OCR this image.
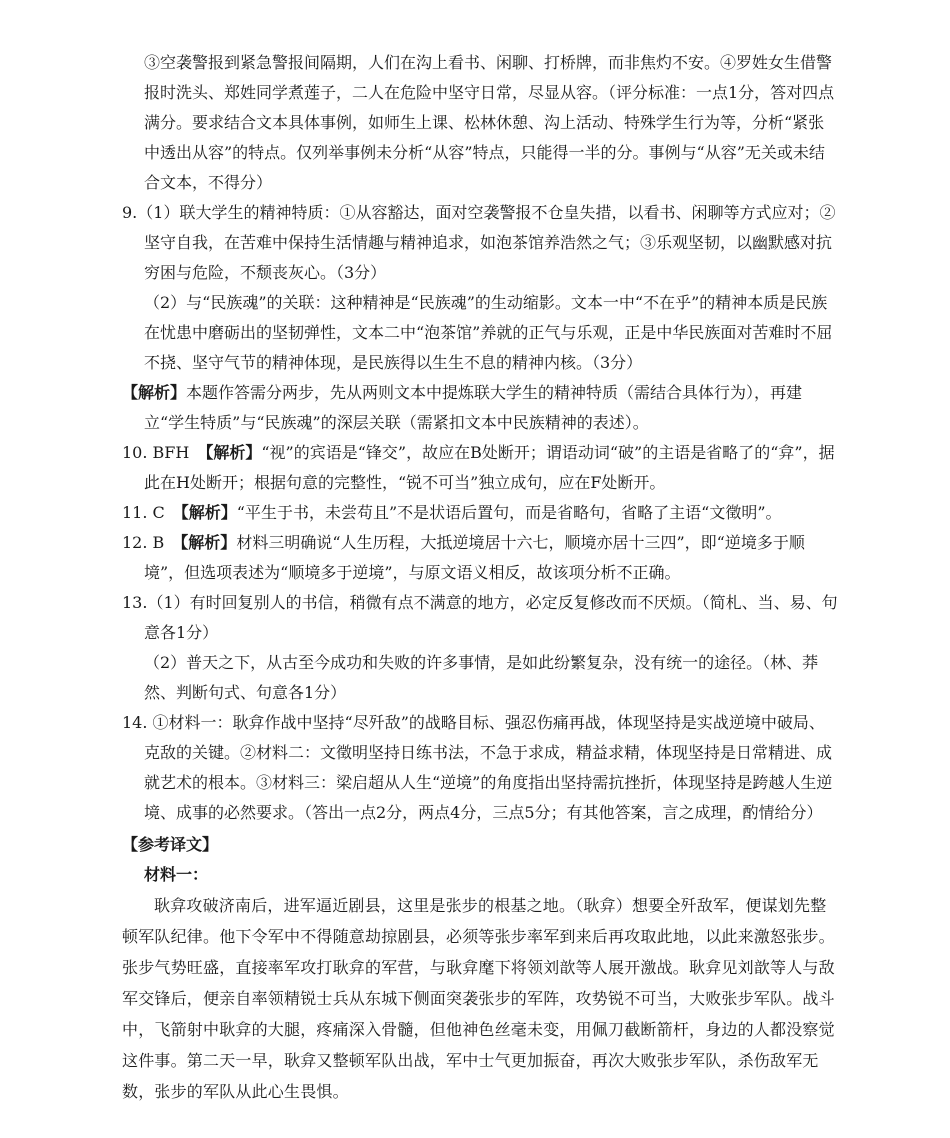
③空袭警报到紧急警报间隔期，人们在沟上看书、闲聊、打桥牌，而非焦灼不安。④罗姓女生借警报时洗头、郑姓同学煮莲子，二人在危险中坚守日常，尽显从容。（评分标准：一点1分，答对四点满分。要求结合文本具体事例，如师生上课、松林休憩、沟上活动、特殊学生行为等，分析“紧张中透出从容”的特点。仅列举事例未分析“从容”特点，只能得一半的分。事例与“从容”无关或未结合文本，不得分）

9.（1）联大学生的精神特质：①从容豁达，面对空袭警报不仓皇失措，以看书、闲聊等方式应对；②坚守自我，在苦难中保持生活情趣与精神追求，如泡茶馆养浩然之气；③乐观坚韧，以幽默感对抗穷困与危险，不颓丧灰心。（3分）

（2）与“民族魂”的关联：这种精神是“民族魂”的生动缩影。文本一中“不在乎”的精神本质是民族在忧患中磨砺出的坚韧弹性，文本二中“泡茶馆”养就的正气与乐观，正是中华民族面对苦难时不屈不挠、坚守气节的精神体现，是民族得以生生不息的精神内核。（3分）

【解析】本题作答需分两步，先从两则文本中提炼联大学生的精神特质（需结合具体行为），再建立“学生特质”与“民族魂”的深层关联（需紧扣文本中民族精神的表述）。

10. BFH　【解析】“视”的宾语是“锋交”，故应在B处断开；谓语动词“破”的主语是省略了的“弇”，据此在H处断开；根据句意的完整性，“锐不可当”独立成句，应在F处断开。

11. C　【解析】“平生于书，未尝苟且”不是状语后置句，而是省略句，省略了主语“文徵明”。

12. B　【解析】材料三明确说“人生历程，大抵逆境居十六七，顺境亦居十三四”，即“逆境多于顺境”，但选项表述为“顺境多于逆境”，与原文语义相反，故该项分析不正确。

13.（1）有时回复别人的书信，稍微有点不满意的地方，必定反复修改而不厌烦。（简札、当、易、句意各1分）

（2）普天之下，从古至今成功和失败的许多事情，是如此纷繁复杂，没有统一的途径。（林、莽然、判断句式、句意各1分）

14. ①材料一：耿弇作战中坚持“尽歼敌”的战略目标、强忍伤痛再战，体现坚持是实战逆境中破局、克敌的关键。②材料二：文徵明坚持日练书法，不急于求成，精益求精，体现坚持是日常精进、成就艺术的根本。③材料三：梁启超从人生“逆境”的角度指出坚持需抗挫折，体现坚持是跨越人生逆境、成事的必然要求。（答出一点2分，两点4分，三点5分；有其他答案，言之成理，酌情给分）

【参考译文】

材料一：

耿弇攻破济南后，进军逼近剧县，这里是张步的根基之地。（耿弇）想要全歼敌军，便谋划先整顿军队纪律。他下令军中不得随意劫掠剧县，必须等张步率军到来后再攻取此地，以此来激怒张步。张步气势旺盛，直接率军攻打耿弇的军营，与耿弇麾下将领刘歆等人展开激战。耿弇见刘歆等人与敌军交锋后，便亲自率领精锐士兵从东城下侧面突袭张步的军阵，攻势锐不可当，大败张步军队。战斗中，飞箭射中耿弇的大腿，疼痛深入骨髓，但他神色丝毫未变，用佩刀截断箭杆，身边的人都没察觉这件事。第二天一早，耿弇又整顿军队出战，军中士气更加振奋，再次大败张步军队，杀伤敌军无数，张步的军队从此心生畏惧。
